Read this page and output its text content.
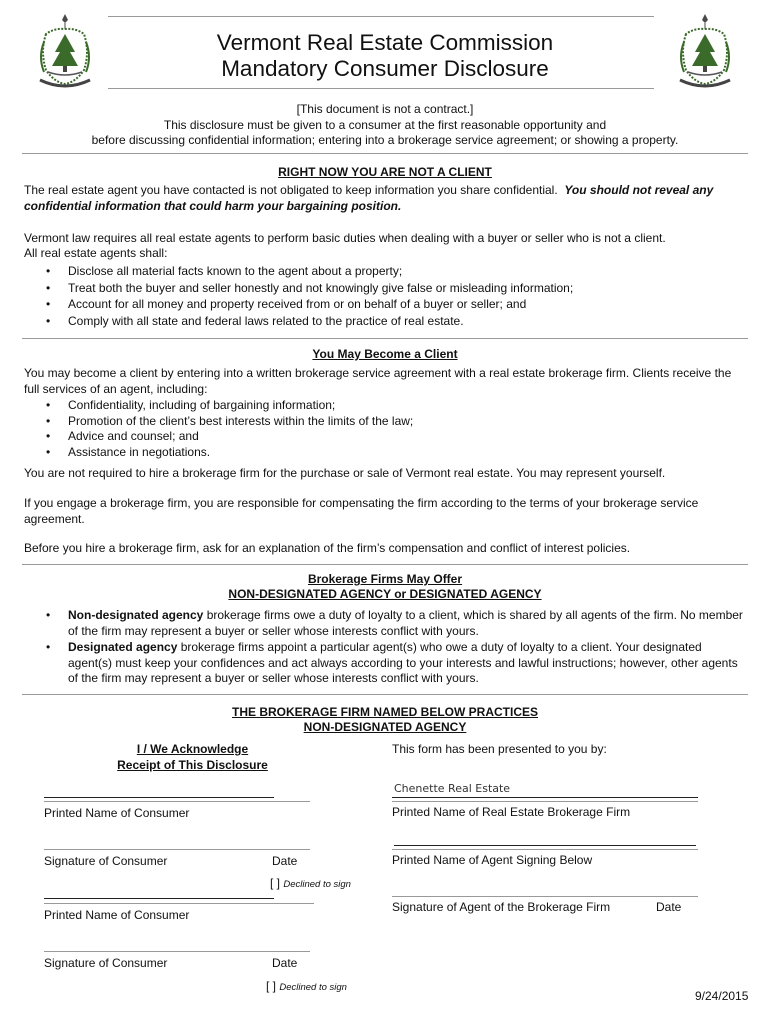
Vermont Real Estate Commission
Mandatory Consumer Disclosure
[This document is not a contract.]
This disclosure must be given to a consumer at the first reasonable opportunity and
before discussing confidential information; entering into a brokerage service agreement; or showing a property.
RIGHT NOW YOU ARE NOT A CLIENT
The real estate agent you have contacted is not obligated to keep information you share confidential. You should not reveal any confidential information that could harm your bargaining position.
Vermont law requires all real estate agents to perform basic duties when dealing with a buyer or seller who is not a client.
All real estate agents shall:
• Disclose all material facts known to the agent about a property;
• Treat both the buyer and seller honestly and not knowingly give false or misleading information;
• Account for all money and property received from or on behalf of a buyer or seller; and
• Comply with all state and federal laws related to the practice of real estate.
You May Become a Client
You may become a client by entering into a written brokerage service agreement with a real estate brokerage firm. Clients receive the full services of an agent, including:
• Confidentiality, including of bargaining information;
• Promotion of the client’s best interests within the limits of the law;
• Advice and counsel; and
• Assistance in negotiations.
You are not required to hire a brokerage firm for the purchase or sale of Vermont real estate. You may represent yourself.
If you engage a brokerage firm, you are responsible for compensating the firm according to the terms of your brokerage service agreement.
Before you hire a brokerage firm, ask for an explanation of the firm’s compensation and conflict of interest policies.
Brokerage Firms May Offer
NON-DESIGNATED AGENCY or DESIGNATED AGENCY
• Non-designated agency brokerage firms owe a duty of loyalty to a client, which is shared by all agents of the firm. No member of the firm may represent a buyer or seller whose interests conflict with yours.
• Designated agency brokerage firms appoint a particular agent(s) who owe a duty of loyalty to a client. Your designated agent(s) must keep your confidences and act always according to your interests and lawful instructions; however, other agents of the firm may represent a buyer or seller whose interests conflict with yours.
THE BROKERAGE FIRM NAMED BELOW PRACTICES
NON-DESIGNATED AGENCY
I / We Acknowledge
Receipt of This Disclosure
This form has been presented to you by:
Printed Name of Consumer
Signature of Consumer	Date
[ ] Declined to sign
Printed Name of Consumer
Signature of Consumer	Date
[ ] Declined to sign
Chenette Real Estate
Printed Name of Real Estate Brokerage Firm
Printed Name of Agent Signing Below
Signature of Agent of the Brokerage Firm	Date
9/24/2015
